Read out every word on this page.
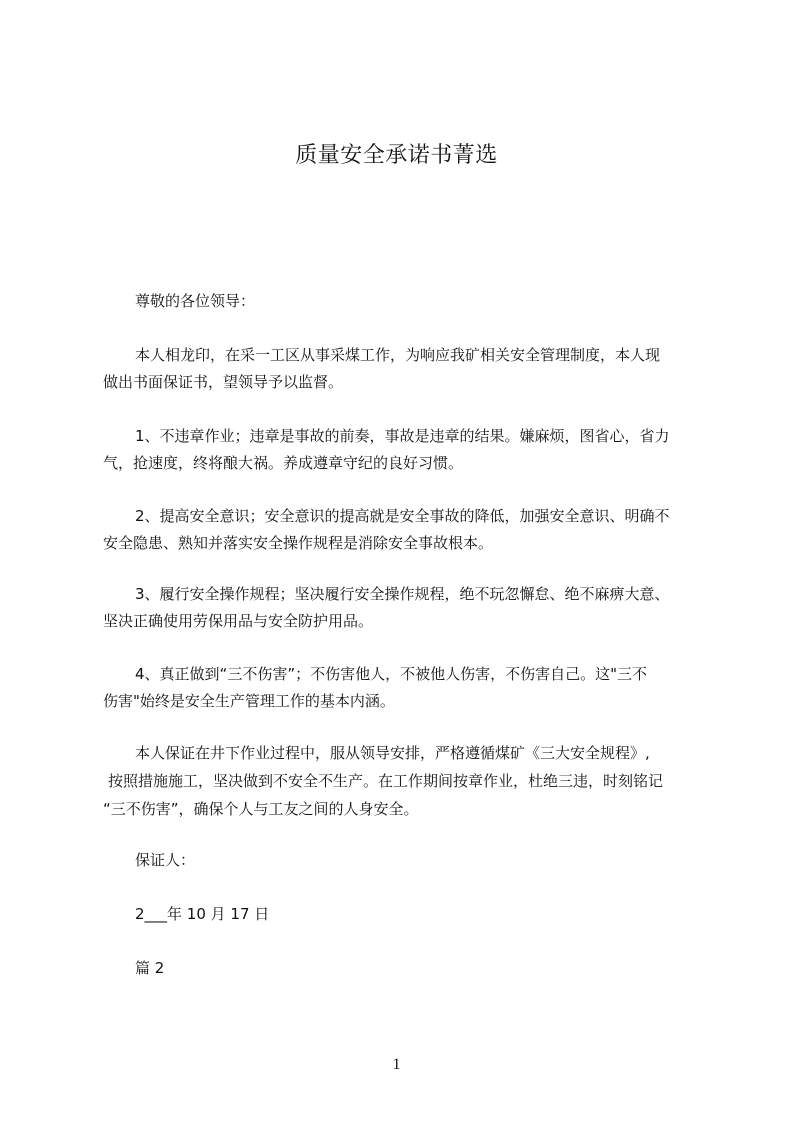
质量安全承诺书菁选
尊敬的各位领导：
本人相龙印，在采一工区从事采煤工作，为响应我矿相关安全管理制度，本人现
做出书面保证书，望领导予以监督。
1、不违章作业；违章是事故的前奏，事故是违章的结果。嫌麻烦，图省心，省力
气，抢速度，终将酿大祸。养成遵章守纪的良好习惯。
2、提高安全意识；安全意识的提高就是安全事故的降低，加强安全意识、明确不
安全隐患、熟知并落实安全操作规程是消除安全事故根本。
3、履行安全操作规程；坚决履行安全操作规程，绝不玩忽懈怠、绝不麻痹大意、
坚决正确使用劳保用品与安全防护用品。
4、真正做到“三不伤害”；不伤害他人，不被他人伤害，不伤害自己。这"三不
伤害"始终是安全生产管理工作的基本内涵。
本人保证在井下作业过程中，服从领导安排，严格遵循煤矿《三大安全规程》,
按照措施施工，坚决做到不安全不生产。在工作期间按章作业，杜绝三违，时刻铭记
“三不伤害”，确保个人与工友之间的人身安全。
保证人：
2___年 10 月 17 日
篇 2
1
